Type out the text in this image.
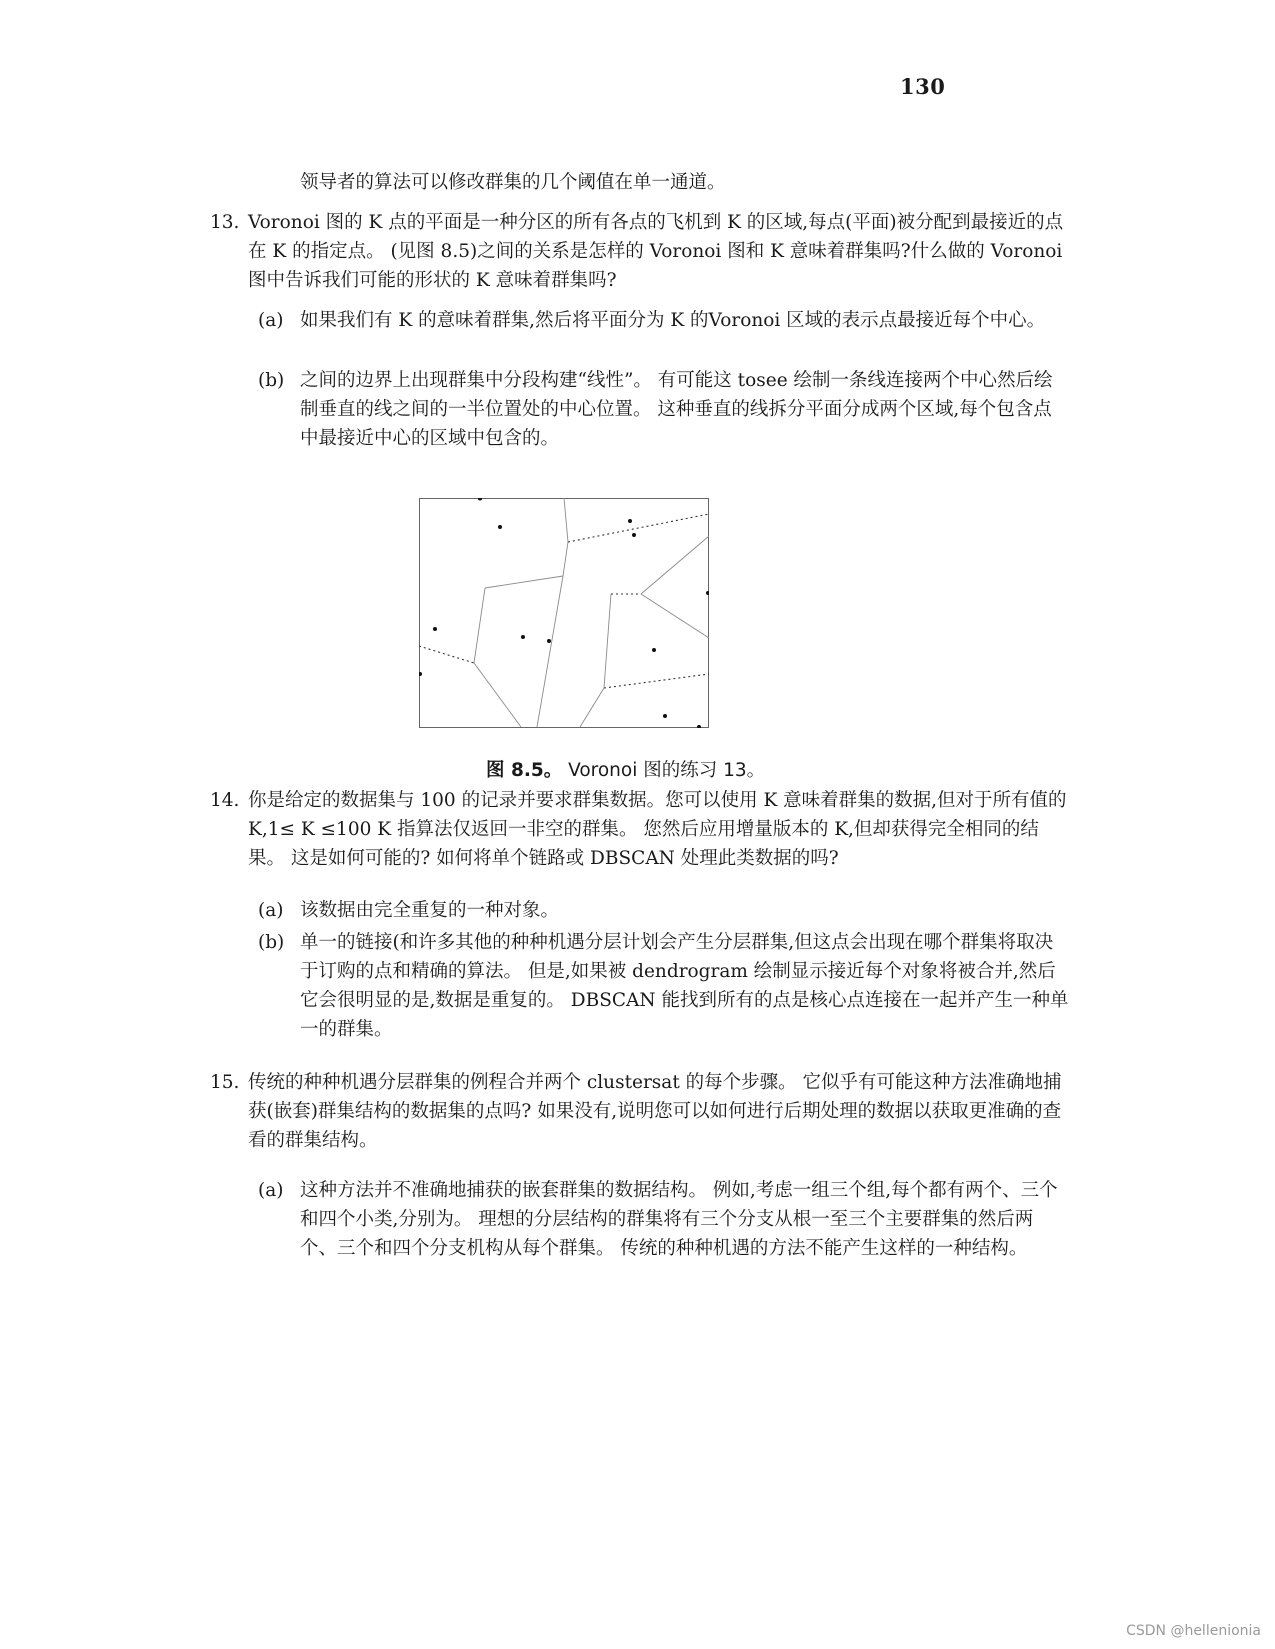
130
领导者的算法可以修改群集的几个阈值在单一通道。
13. Voronoi 图的 K 点的平面是一种分区的所有各点的飞机到 K 的区域,每点(平面)被分配到最接近的点在 K 的指定点。 (见图 8.5)之间的关系是怎样的 Voronoi 图和 K 意味着群集吗?什么做的 Voronoi 图中告诉我们可能的形状的 K 意味着群集吗?
(a) 如果我们有 K 的意味着群集,然后将平面分为 K 的Voronoi 区域的表示点最接近每个中心。
(b) 之间的边界上出现群集中分段构建“线性”。 有可能这 tosee 绘制一条线连接两个中心然后绘制垂直的线之间的一半位置处的中心位置。 这种垂直的线拆分平面分成两个区域,每个包含点中最接近中心的区域中包含的。
图 8.5。 Voronoi 图的练习 13。
14. 你是给定的数据集与 100 的记录并要求群集数据。您可以使用 K 意味着群集的数据,但对于所有值的 K,1≤ K ≤100 K 指算法仅返回一非空的群集。 您然后应用增量版本的 K,但却获得完全相同的结果。 这是如何可能的? 如何将单个链路或 DBSCAN 处理此类数据的吗?
(a) 该数据由完全重复的一种对象。
(b) 单一的链接(和许多其他的种种机遇分层计划会产生分层群集,但这点会出现在哪个群集将取决于订购的点和精确的算法。 但是,如果被 dendrogram 绘制显示接近每个对象将被合并,然后它会很明显的是,数据是重复的。 DBSCAN 能找到所有的点是核心点连接在一起并产生一种单一的群集。
15. 传统的种种机遇分层群集的例程合并两个 clustersat 的每个步骤。 它似乎有可能这种方法准确地捕获(嵌套)群集结构的数据集的点吗? 如果没有,说明您可以如何进行后期处理的数据以获取更准确的查看的群集结构。
(a) 这种方法并不准确地捕获的嵌套群集的数据结构。 例如,考虑一组三个组,每个都有两个、三个和四个小类,分别为。 理想的分层结构的群集将有三个分支从根一至三个主要群集的然后两个、三个和四个分支机构从每个群集。 传统的种种机遇的方法不能产生这样的一种结构。
CSDN @hellenionia
